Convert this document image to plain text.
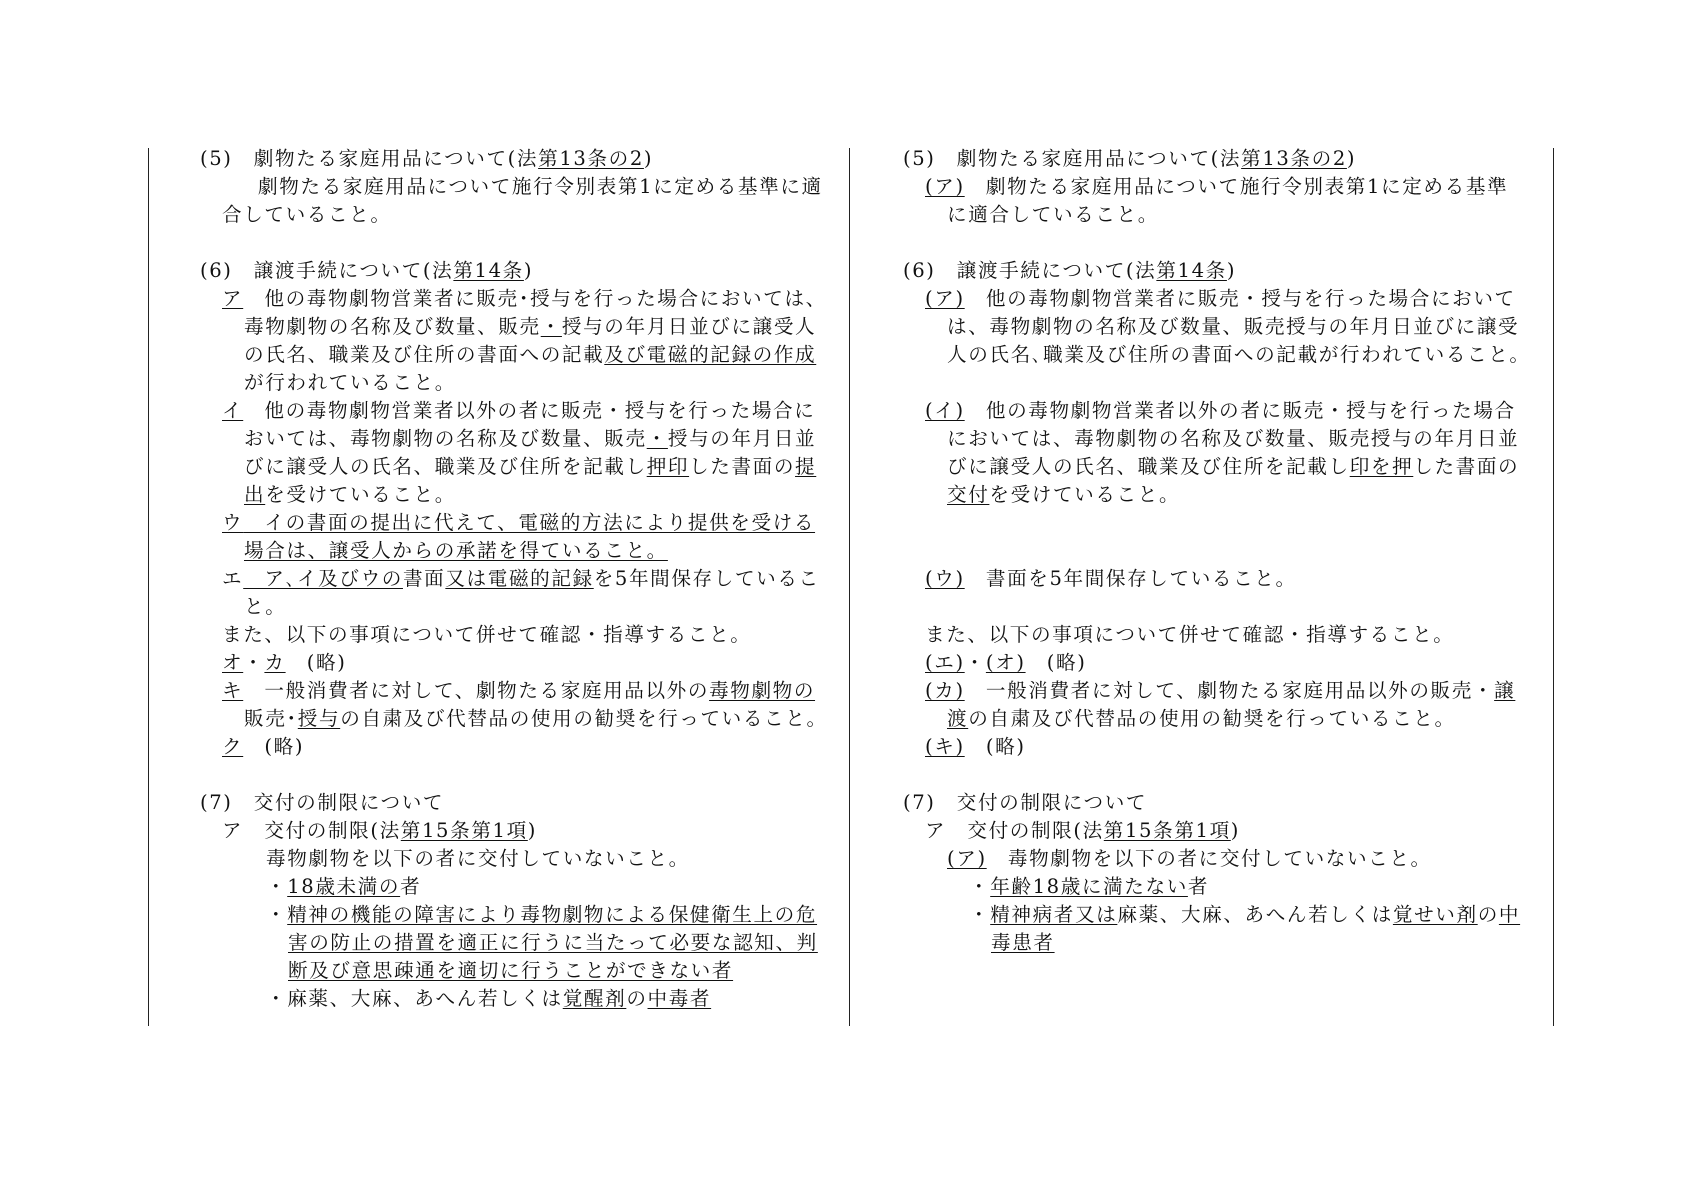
(5)　劇物たる家庭用品について(法第13条の2)
劇物たる家庭用品について施行令別表第1に定める基準に適
合していること。
(6)　譲渡手続について(法第14条)
ア　他の毒物劇物営業者に販売･授与を行った場合においては、
毒物劇物の名称及び数量、販売・授与の年月日並びに譲受人
の氏名、職業及び住所の書面への記載及び電磁的記録の作成
が行われていること。
イ　他の毒物劇物営業者以外の者に販売・授与を行った場合に
おいては、毒物劇物の名称及び数量、販売・授与の年月日並
びに譲受人の氏名、職業及び住所を記載し押印した書面の提
出を受けていること。
ウ　イの書面の提出に代えて、電磁的方法により提供を受ける
場合は、譲受人からの承諾を得ていること。
エ　ア､イ及びウの書面又は電磁的記録を5年間保存しているこ
と。
また、以下の事項について併せて確認・指導すること。
オ・カ　(略)
キ　一般消費者に対して、劇物たる家庭用品以外の毒物劇物の
販売･授与の自粛及び代替品の使用の勧奨を行っていること。
ク　(略)
(7)　交付の制限について
ア　交付の制限(法第15条第1項)
毒物劇物を以下の者に交付していないこと。
・18歳未満の者
・精神の機能の障害により毒物劇物による保健衛生上の危
害の防止の措置を適正に行うに当たって必要な認知、判
断及び意思疎通を適切に行うことができない者
・麻薬、大麻、あへん若しくは覚醒剤の中毒者
(5)　劇物たる家庭用品について(法第13条の2)
(ア)　劇物たる家庭用品について施行令別表第1に定める基準
に適合していること。
(6)　譲渡手続について(法第14条)
(ア)　他の毒物劇物営業者に販売・授与を行った場合において
は、毒物劇物の名称及び数量、販売授与の年月日並びに譲受
人の氏名､職業及び住所の書面への記載が行われていること。
(イ)　他の毒物劇物営業者以外の者に販売・授与を行った場合
においては、毒物劇物の名称及び数量、販売授与の年月日並
びに譲受人の氏名、職業及び住所を記載し印を押した書面の
交付を受けていること。
(ウ)　書面を5年間保存していること。
また、以下の事項について併せて確認・指導すること。
(エ)・(オ)　(略)
(カ)　一般消費者に対して、劇物たる家庭用品以外の販売・譲
渡の自粛及び代替品の使用の勧奨を行っていること。
(キ)　(略)
(7)　交付の制限について
ア　交付の制限(法第15条第1項)
(ア)　毒物劇物を以下の者に交付していないこと。
・年齢18歳に満たない者
・精神病者又は麻薬、大麻、あへん若しくは覚せい剤の中
毒患者
